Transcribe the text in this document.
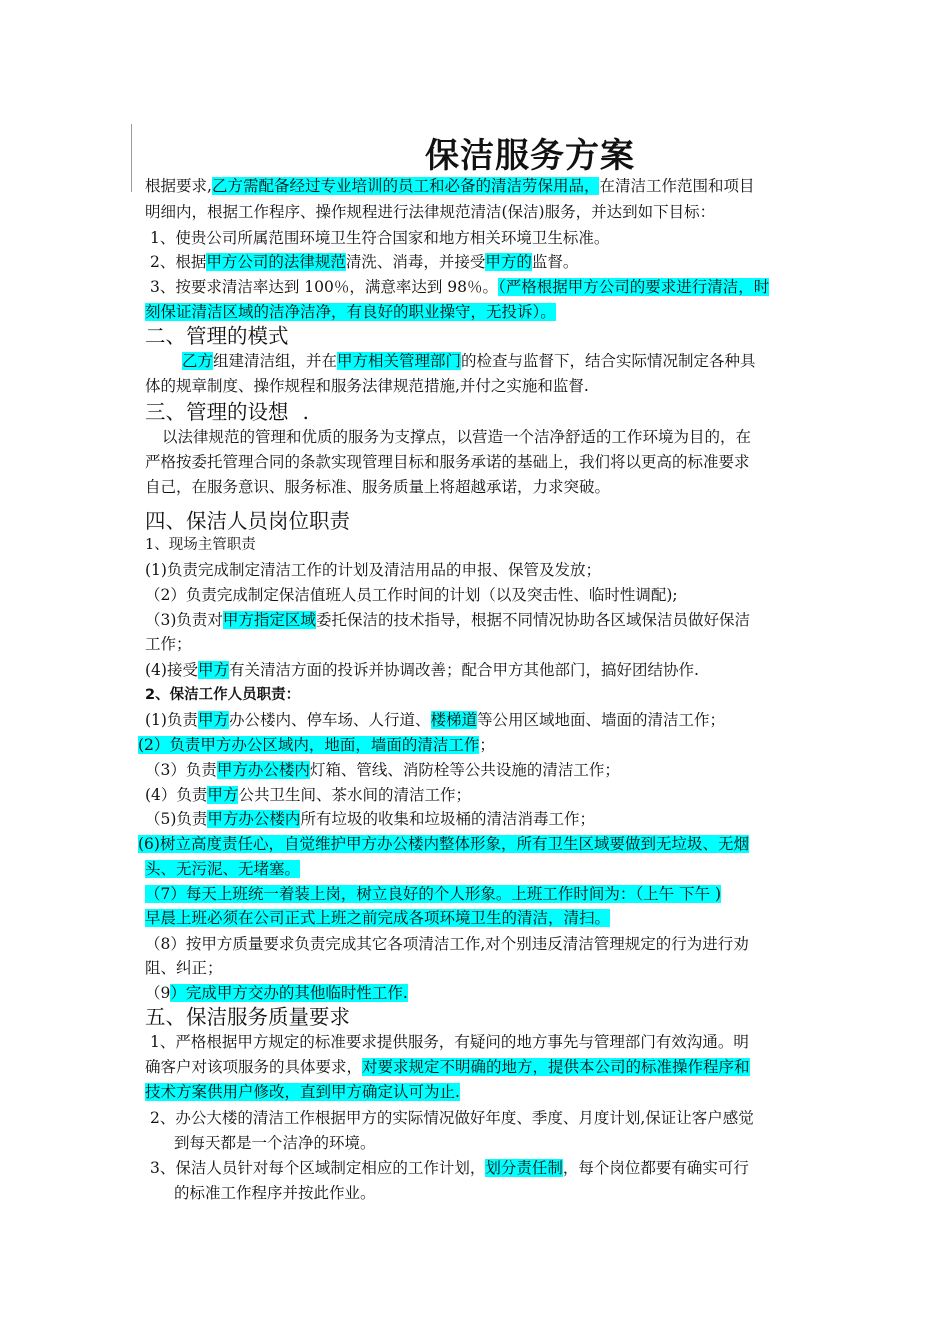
保洁服务方案
根据要求,乙方需配备经过专业培训的员工和必备的清洁劳保用品，在清洁工作范围和项目
明细内，根据工作程序、操作规程进行法律规范清洁(保洁)服务，并达到如下目标：
1、使贵公司所属范围环境卫生符合国家和地方相关环境卫生标准。
2、根据甲方公司的法律规范清洗、消毒，并接受甲方的监督。
3、按要求清洁率达到 100％，满意率达到 98％。（严格根据甲方公司的要求进行清洁，时
刻保证清洁区域的洁净洁净，有良好的职业操守，无投诉）。
二、管理的模式
乙方组建清洁组，并在甲方相关管理部门的检查与监督下，结合实际情况制定各种具
体的规章制度、操作规程和服务法律规范措施,并付之实施和监督.
三、管理的设想 .
以法律规范的管理和优质的服务为支撑点，以营造一个洁净舒适的工作环境为目的，在
严格按委托管理合同的条款实现管理目标和服务承诺的基础上，我们将以更高的标准要求
自己，在服务意识、服务标准、服务质量上将超越承诺，力求突破。
四、保洁人员岗位职责
1、现场主管职责
(1)负责完成制定清洁工作的计划及清洁用品的申报、保管及发放；
（2）负责完成制定保洁值班人员工作时间的计划（以及突击性、临时性调配);
（3)负责对甲方指定区域委托保洁的技术指导，根据不同情况协助各区域保洁员做好保洁
工作；
(4)接受甲方有关清洁方面的投诉并协调改善；配合甲方其他部门，搞好团结协作.
2、保洁工作人员职责：
(1)负责甲方办公楼内、停车场、人行道、楼梯道等公用区域地面、墙面的清洁工作；
(2）负责甲方办公区域内，地面，墙面的清洁工作；
（3）负责甲方办公楼内灯箱、管线、消防栓等公共设施的清洁工作；
(4）负责甲方公共卫生间、茶水间的清洁工作；
（5)负责甲方办公楼内所有垃圾的收集和垃圾桶的清洁消毒工作；
(6)树立高度责任心，自觉维护甲方办公楼内整体形象，所有卫生区域要做到无垃圾、无烟
头、无污泥、无堵塞。
（7）每天上班统一着装上岗，树立良好的个人形象。上班工作时间为：（上午 下午 )
早晨上班必须在公司正式上班之前完成各项环境卫生的清洁，清扫。
（8）按甲方质量要求负责完成其它各项清洁工作,对个别违反清洁管理规定的行为进行劝
阻、纠正；
（9）完成甲方交办的其他临时性工作.
五、保洁服务质量要求
1、严格根据甲方规定的标准要求提供服务，有疑问的地方事先与管理部门有效沟通。明
确客户对该项服务的具体要求，对要求规定不明确的地方，提供本公司的标准操作程序和
技术方案供用户修改，直到甲方确定认可为止.
2、办公大楼的清洁工作根据甲方的实际情况做好年度、季度、月度计划,保证让客户感觉
到每天都是一个洁净的环境。
3、保洁人员针对每个区域制定相应的工作计划，划分责任制，每个岗位都要有确实可行
的标准工作程序并按此作业。
